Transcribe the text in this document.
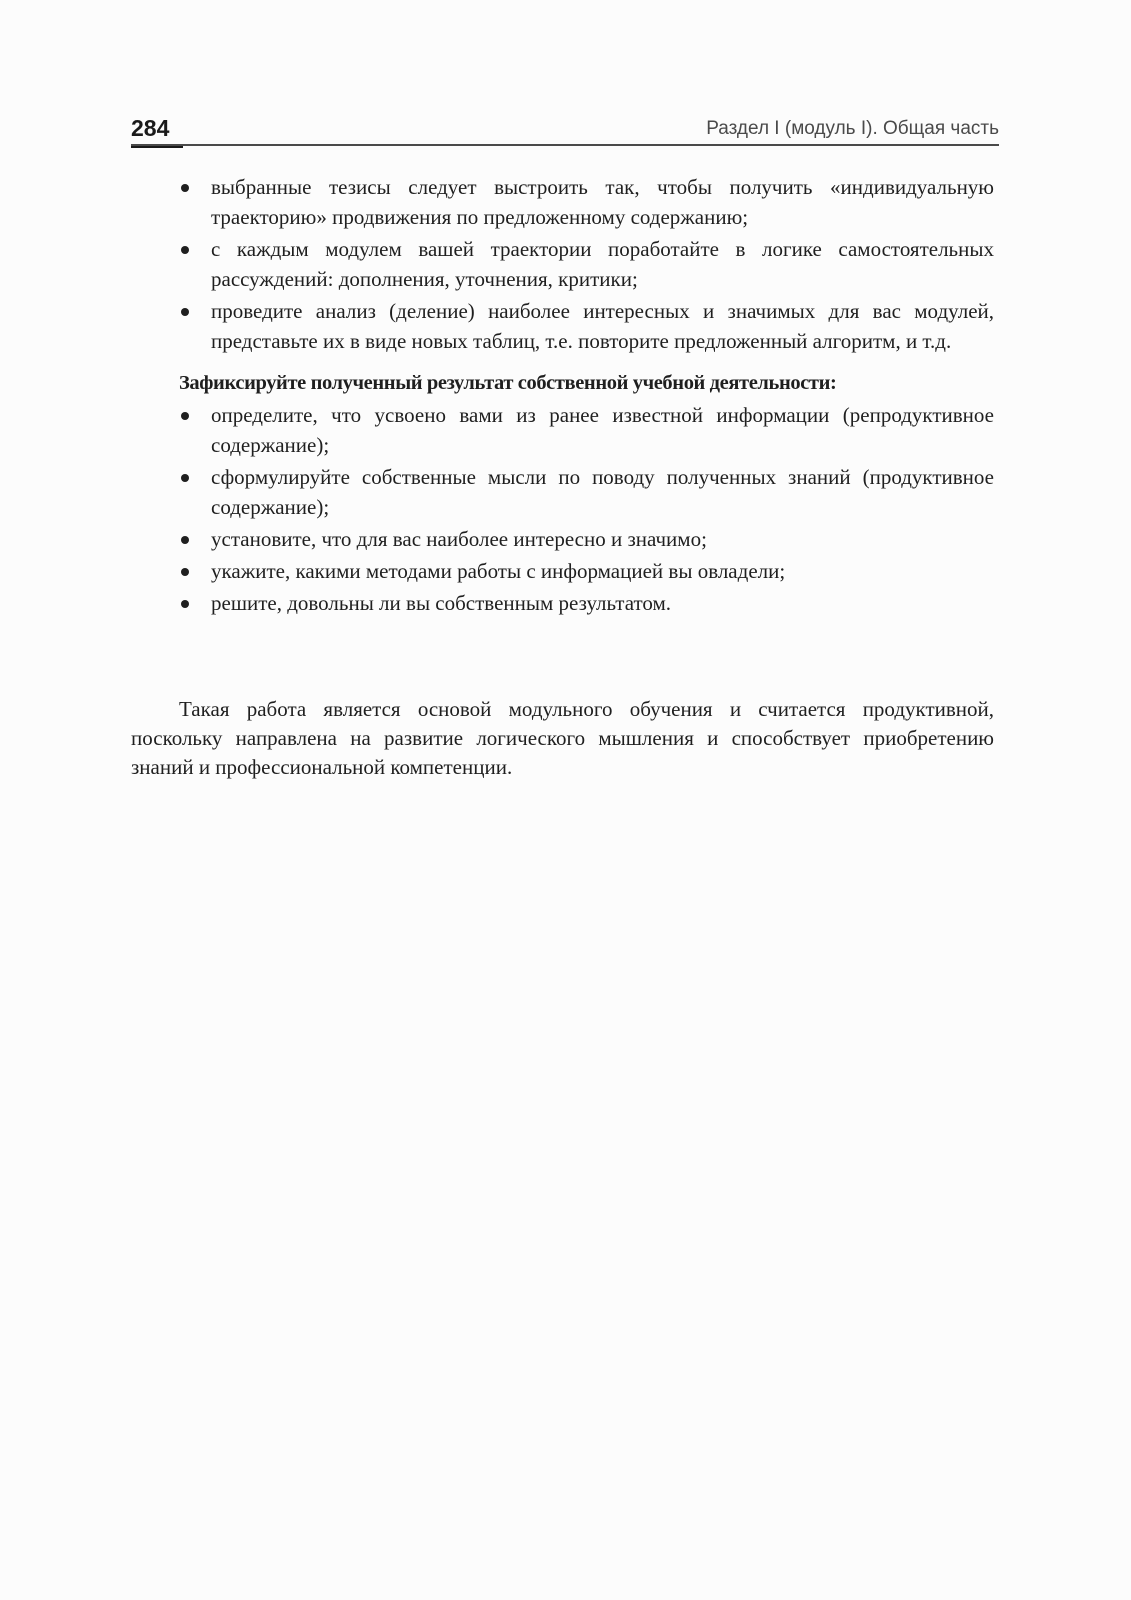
284	Раздел I (модуль I). Общая часть
выбранные тезисы следует выстроить так, чтобы получить «индивидуальную траекторию» продвижения по предложенному содержанию;
с каждым модулем вашей траектории поработайте в логике самостоятельных рассуждений: дополнения, уточнения, критики;
проведите анализ (деление) наиболее интересных и значимых для вас модулей, представьте их в виде новых таблиц, т.е. повторите предложенный алгоритм, и т.д.

Зафиксируйте полученный результат собственной учебной деятельности:

определите, что усвоено вами из ранее известной информации (репродуктивное содержание);
сформулируйте собственные мысли по поводу полученных знаний (продуктивное содержание);
установите, что для вас наиболее интересно и значимо;
укажите, какими методами работы с информацией вы овладели;
решите, довольны ли вы собственным результатом.

Такая работа является основой модульного обучения и считается продуктивной, поскольку направлена на развитие логического мышления и способствует приобретению знаний и профессиональной компетенции.
